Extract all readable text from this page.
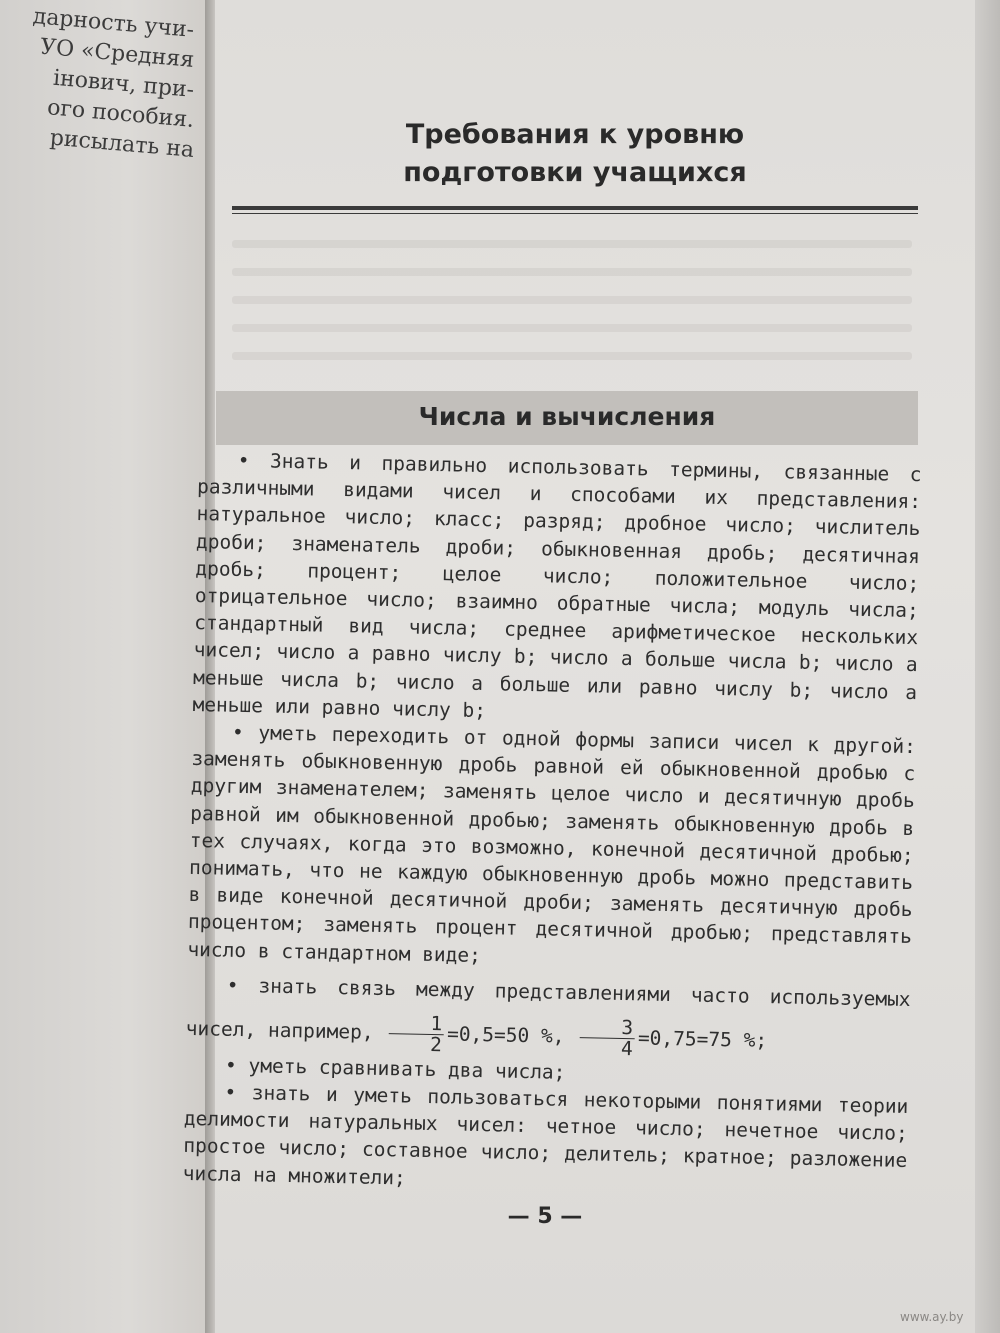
дарность учи-
УО «Средняя
інович, при-
ого пособия.
рисылать на	Требования к уровню
подготовки учащихся
Числа и вычисления

• Знать и правильно использовать термины, связанные с различными видами чисел и способами их представления: натуральное число; класс; разряд; дробное число; числитель дроби; знаменатель дроби; обыкновенная дробь; десятичная дробь; процент; целое число; положительное число; отрицательное число; взаимно обратные числа; модуль числа; стандартный вид числа; среднее арифметическое нескольких чисел; число a равно числу b; число a больше числа b; число a меньше числа b; число a больше или равно числу b; число a меньше или равно числу b;

• уметь переходить от одной формы записи чисел к другой: заменять обыкновенную дробь равной ей обыкновенной дробью с другим знаменателем; заменять целое число и десятичную дробь равной им обыкновенной дробью; заменять обыкновенную дробь в тех случаях, когда это возможно, конечной десятичной дробью; понимать, что не каждую обыкновенную дробь можно представить в виде конечной десятичной дроби; заменять десятичную дробь процентом; заменять процент десятичной дробью; представлять число в стандартном виде;

• знать связь между представлениями часто используемых чисел, например, $\frac{1}{2} =0,5=50$ %, $\frac{3}{4} =0,75=75$ %;

• уметь сравнивать два числа;

• знать и уметь пользоваться некоторыми понятиями теории делимости натуральных чисел: четное число; нечетное число; простое число; составное число; делитель; кратное; разложение числа на множители;

— 5 —
www.ay.by
